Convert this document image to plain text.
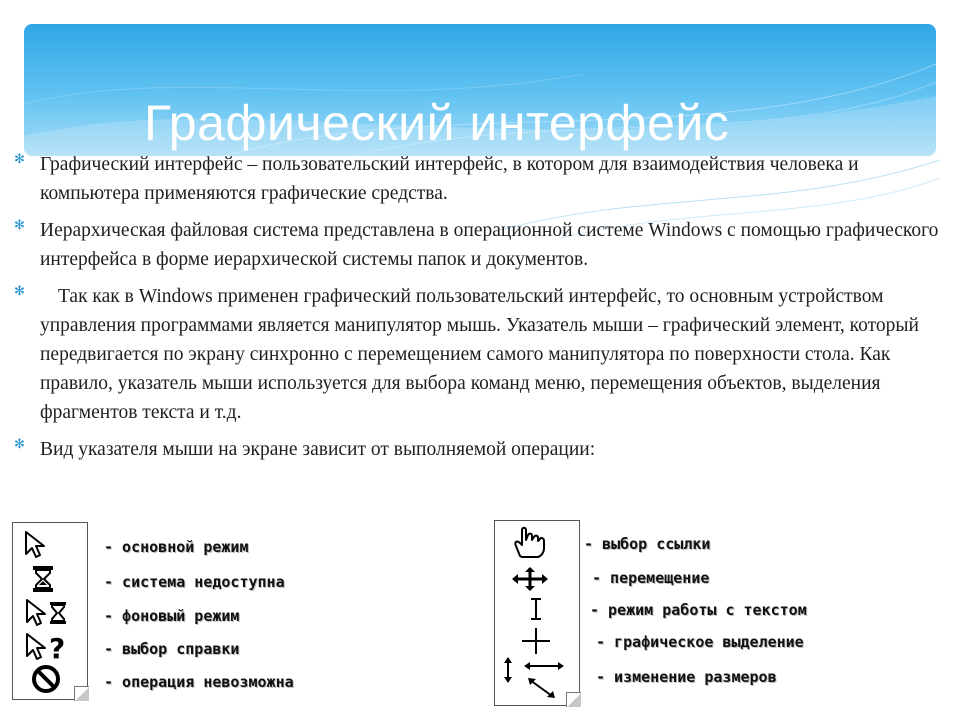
Графический интерфейс
✻ Графический интерфейс – пользовательский интерфейс, в котором для взаимодействия человека и компьютера применяются графические средства.
✻ Иерархическая файловая система представлена в операционной системе Windows с помощью графического интерфейса в форме иерархической системы папок и документов.
✻	Так как в Windows применен графический пользовательский интерфейс, то основным устройством управления программами является манипулятор мышь. Указатель мыши – графический элемент, который передвигается по экрану синхронно с перемещением самого манипулятора по поверхности стола. Как правило, указатель мыши используется для выбора команд меню, перемещения объектов, выделения фрагментов текста и т.д.
✻ Вид указателя мыши на экране зависит от выполняемой операции:
?
- основной режим
- система недоступна
- фоновый режим
- выбор справки
- операция невозможна
- выбор ссылки
- перемещение
- режим работы с текстом
- графическое выделение
- изменение размеров
